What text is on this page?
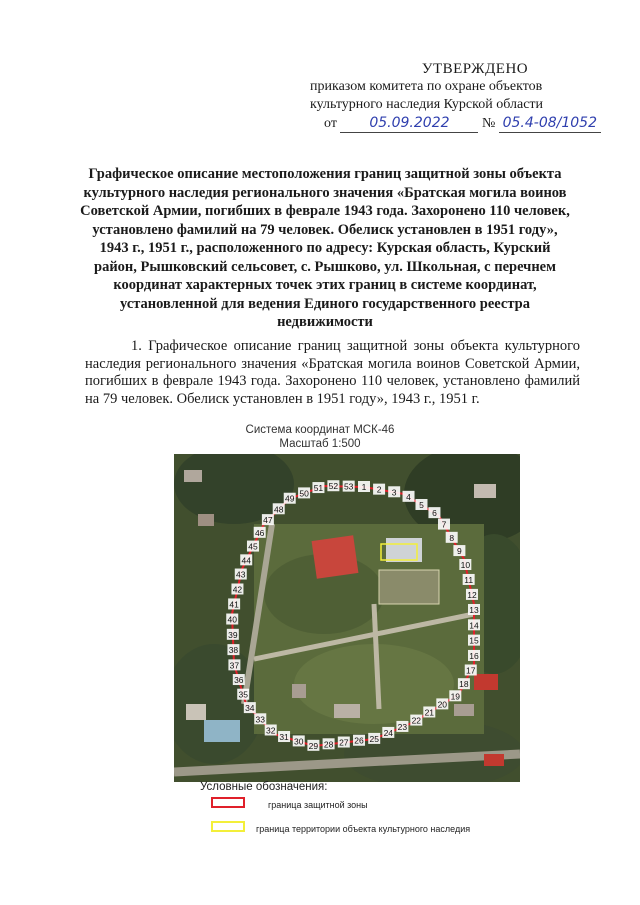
УТВЕРЖДЕНО
приказом комитета по охране объектов
культурного наследия Курской области
от 05.09.2022 № 05.4-08/1052
Графическое описание местоположения границ защитной зоны объекта культурного наследия регионального значения «Братская могила воинов Советской Армии, погибших в феврале 1943 года. Захоронено 110 человек, установлено фамилий на 79 человек. Обелиск установлен в 1951 году», 1943 г., 1951 г., расположенного по адресу: Курская область, Курский район, Рышковский сельсовет, с. Рышково, ул. Школьная, с перечнем координат характерных точек этих границ в системе координат, установленной для ведения Единого государственного реестра недвижимости
1. Графическое описание границ защитной зоны объекта культурного наследия регионального значения «Братская могила воинов Советской Армии, погибших в феврале 1943 года. Захоронено 110 человек, установлено фамилий на 79 человек. Обелиск установлен в 1951 году», 1943 г., 1951 г.
Система координат МСК-46
Масштаб 1:500
1 2 3 4
5
6
7
8
9
10
11
12
13
14
15
16
17
18
19
20
21
22
23
24
25
26
27
28
29
30
31
32
33
34
35
36
37
38
39
40
41
42
43
44
45
46
47
48
49
50
51 52 53
Условные обозначения:
граница защитной зоны
граница территории объекта культурного наследия
